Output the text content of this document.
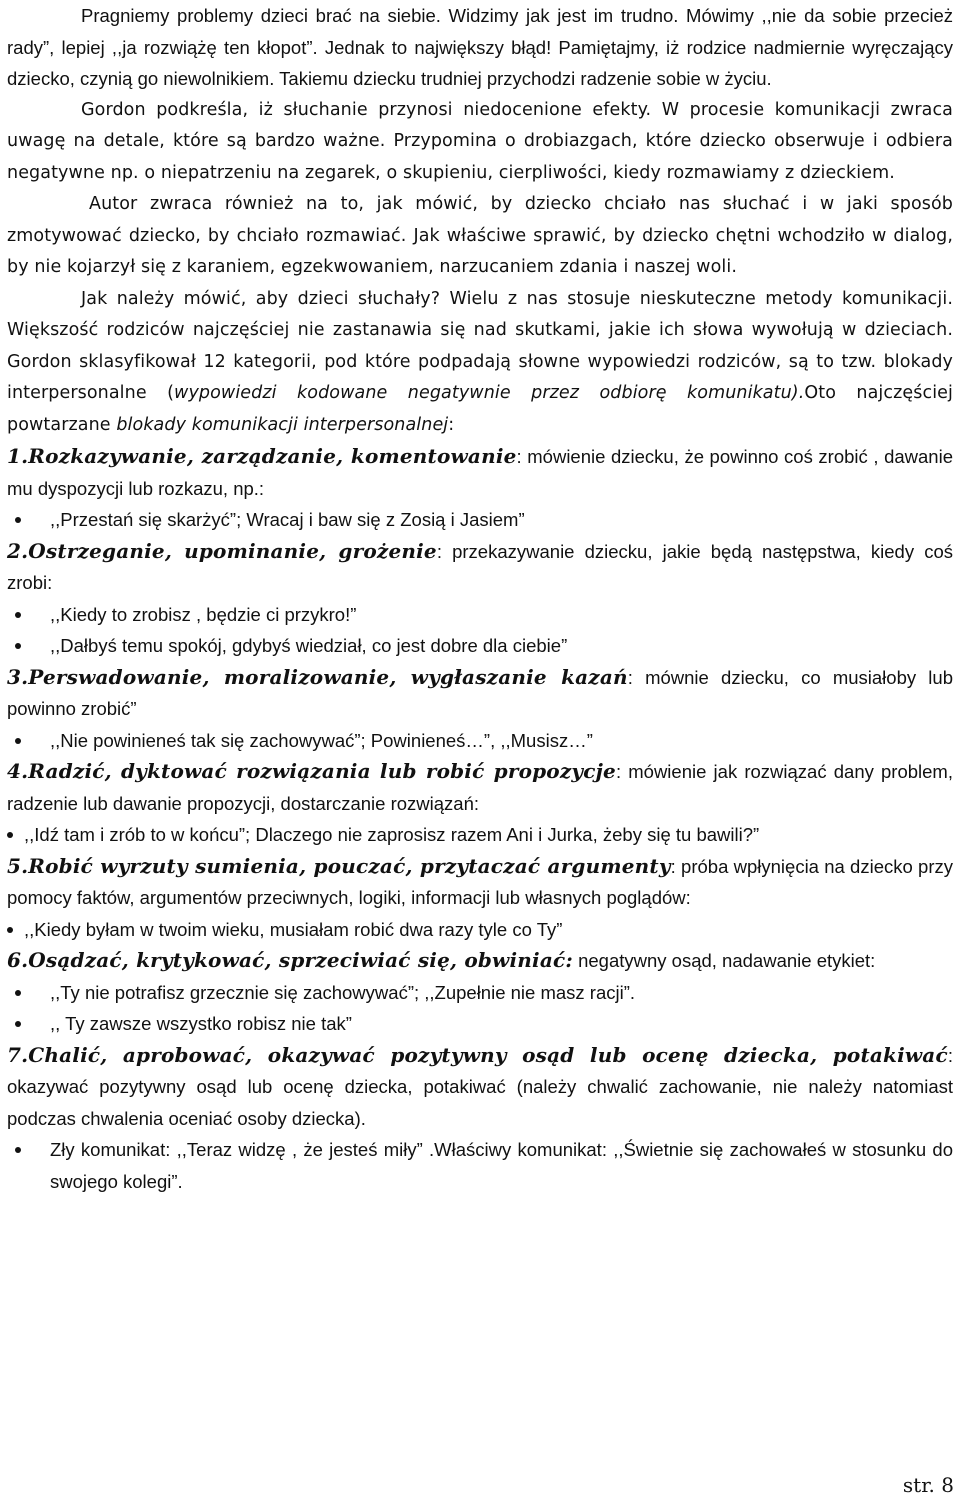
Pragniemy problemy dzieci brać na siebie. Widzimy jak jest im trudno. Mówimy ,,nie da sobie przecież rady”, lepiej ,,ja rozwiążę ten kłopot”. Jednak to największy błąd! Pamiętajmy, iż rodzice nadmiernie wyręczający dziecko, czynią go niewolnikiem. Takiemu dziecku trudniej przychodzi radzenie sobie w życiu.

Gordon podkreśla, iż słuchanie przynosi niedocenione efekty. W procesie komunikacji zwraca uwagę na detale, które są bardzo ważne. Przypomina o drobiazgach, które dziecko obserwuje i odbiera negatywne np. o niepatrzeniu na zegarek, o skupieniu, cierpliwości, kiedy rozmawiamy z dzieckiem.

Autor zwraca również na to, jak mówić, by dziecko chciało nas słuchać i w jaki sposób zmotywować dziecko, by chciało rozmawiać. Jak właściwe sprawić, by dziecko chętni wchodziło w dialog, by nie kojarzył się z karaniem, egzekwowaniem, narzucaniem zdania i naszej woli.

Jak należy mówić, aby dzieci słuchały? Wielu z nas stosuje nieskuteczne metody komunikacji. Większość rodziców najczęściej nie zastanawia się nad skutkami, jakie ich słowa wywołują w dzieciach. Gordon sklasyfikował 12 kategorii, pod które podpadają słowne wypowiedzi rodziców, są to tzw. blokady interpersonalne (wypowiedzi kodowane negatywnie przez odbiorę komunikatu).Oto najczęściej powtarzane blokady komunikacji interpersonalnej:

1.Rozkazywanie, zarządzanie, komentowanie: mówienie dziecku, że powinno coś zrobić , dawanie mu dyspozycji lub rozkazu, np.:

,,Przestań się skarżyć”; Wracaj i baw się z Zosią i Jasiem”

2.Ostrzeganie, upominanie, grożenie: przekazywanie dziecku, jakie będą następstwa, kiedy coś zrobi:

,,Kiedy to zrobisz , będzie ci przykro!”
,,Dałbyś temu spokój, gdybyś wiedział, co jest dobre dla ciebie”

3.Perswadowanie, moralizowanie, wygłaszanie kazań: mównie dziecku, co musiałoby lub powinno zrobić”

,,Nie powinieneś tak się zachowywać”; Powinieneś…”, ,,Musisz…”

4.Radzić, dyktować rozwiązania lub robić propozycje: mówienie jak rozwiązać dany problem, radzenie lub dawanie propozycji, dostarczanie rozwiązań:

,,Idź tam i zrób to w końcu”; Dlaczego nie zaprosisz razem Ani i Jurka, żeby się tu bawili?”

5.Robić wyrzuty sumienia, pouczać, przytaczać argumenty: próba wpłynięcia na dziecko przy pomocy faktów, argumentów przeciwnych, logiki, informacji lub własnych poglądów:

,,Kiedy byłam w twoim wieku, musiałam robić dwa razy tyle co Ty”

6.Osądzać, krytykować, sprzeciwiać się, obwiniać: negatywny osąd, nadawanie etykiet:

,,Ty nie potrafisz grzecznie się zachowywać”; ,,Zupełnie nie masz racji”.
,, Ty zawsze wszystko robisz nie tak”

7.Chalić, aprobować, okazywać pozytywny osąd lub ocenę dziecka, potakiwać: okazywać pozytywny osąd lub ocenę dziecka, potakiwać (należy chwalić zachowanie, nie należy natomiast podczas chwalenia oceniać osoby dziecka).

Zły komunikat: ,,Teraz widzę , że jesteś miły” .Właściwy komunikat: ,,Świetnie się zachowałeś w stosunku do swojego kolegi”.
str. 8
